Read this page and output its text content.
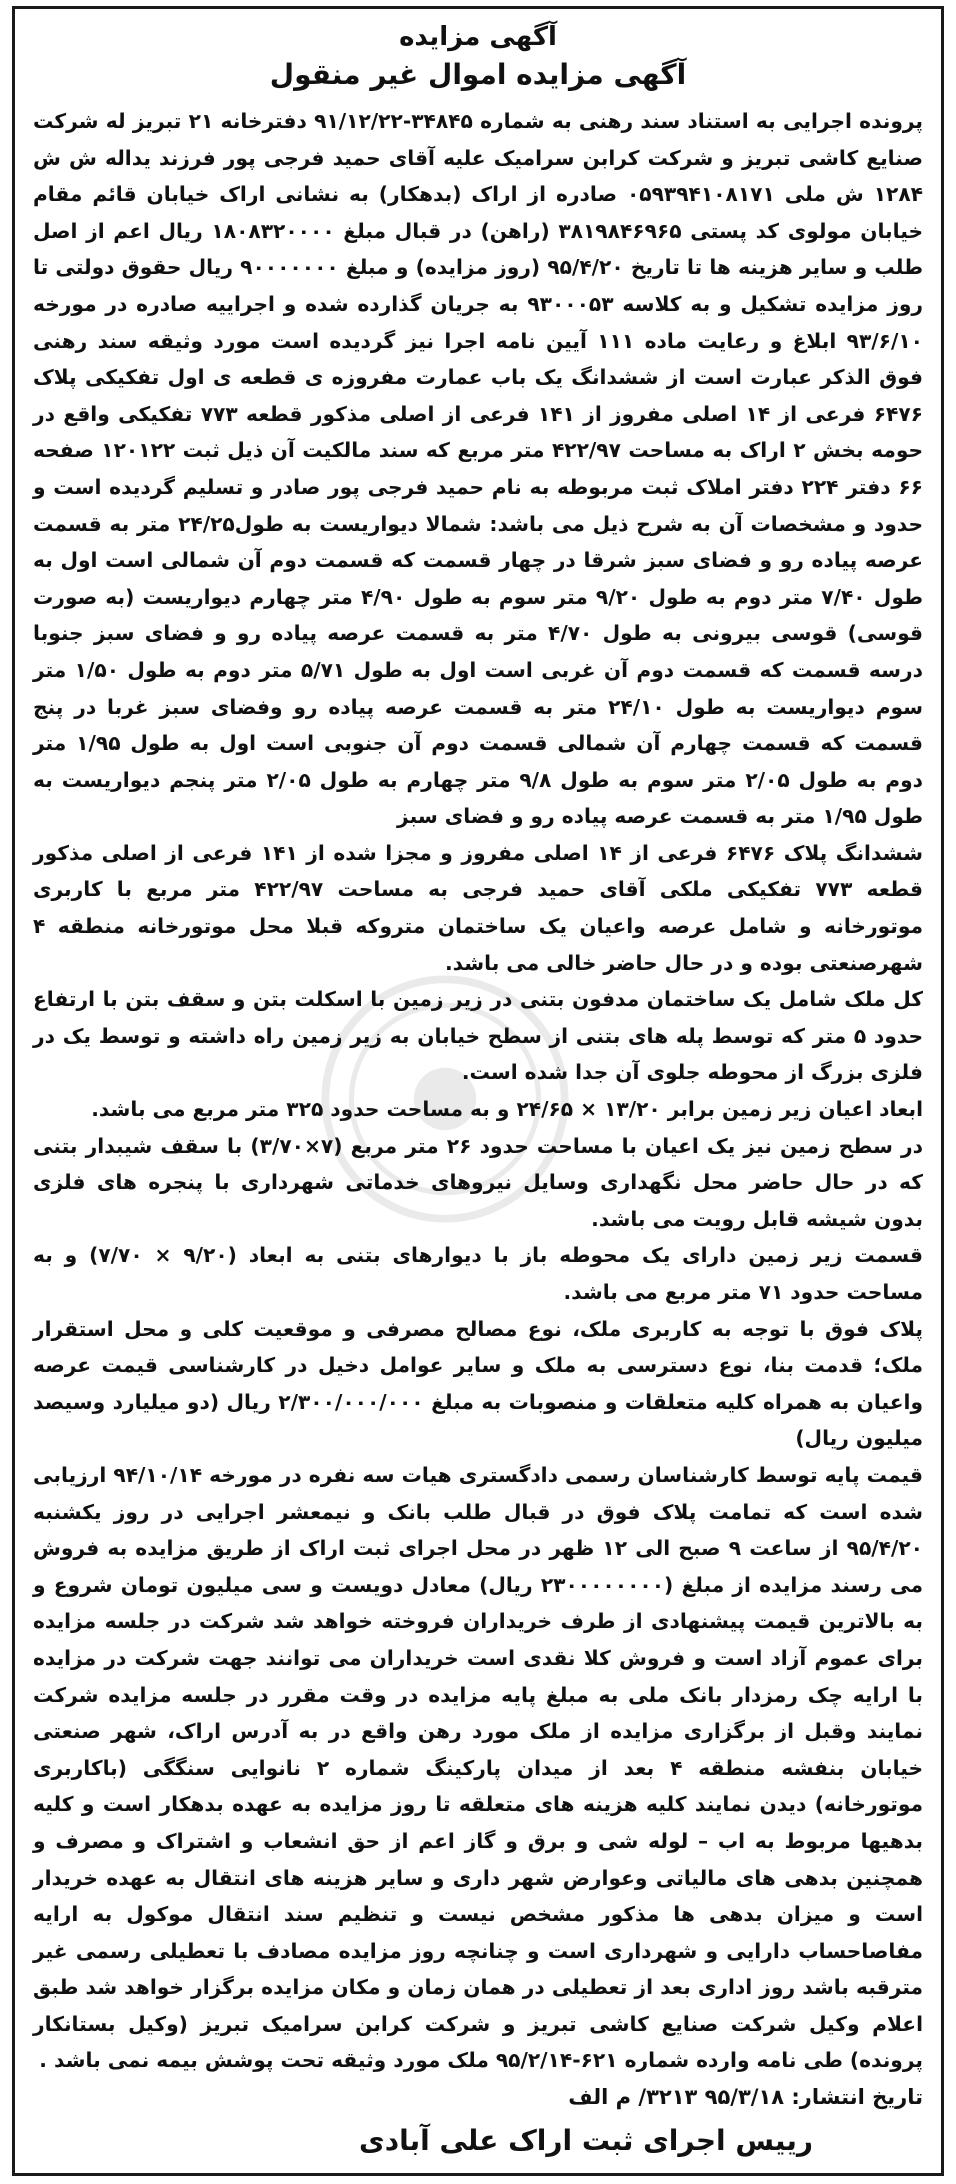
آگهی مزایده
آگهی مزایده اموال غیر منقول

پرونده اجرایی به استناد سند رهنی به شماره ۳۴۸۴۵-۹۱/۱۲/۲۲ دفترخانه ۲۱ تبریز له شرکت صنایع کاشی تبریز و شرکت کرابن سرامیک علیه آقای حمید فرجی پور فرزند یداله ش ش ۱۲۸۴ ش ملی ۰۵۹۳۹۴۱۰۸۱۷۱ صادره از اراک (بدهکار) به نشانی اراک خیابان قائم مقام خیابان مولوی کد پستی ۳۸۱۹۸۴۶۹۶۵ (راهن) در قبال مبلغ ۱۸۰۸۳۲۰۰۰۰ ریال اعم از اصل طلب و سایر هزینه ها تا تاریخ ۹۵/۴/۲۰ (روز مزایده) و مبلغ ۹۰۰۰۰۰۰۰ ریال حقوق دولتی تا روز مزایده تشکیل و به کلاسه ۹۳۰۰۰۵۳ به جریان گذارده شده و اجراییه صادره در مورخه ۹۳/۶/۱۰ ابلاغ و رعایت ماده ۱۱۱ آیین نامه اجرا نیز گردیده است مورد وثیقه سند رهنی فوق الذکر عبارت است از ششدانگ یک باب عمارت مفروزه ی قطعه ی اول تفکیکی پلاک ۶۴۷۶ فرعی از ۱۴ اصلی مفروز از ۱۴۱ فرعی از اصلی مذکور قطعه ۷۷۳ تفکیکی واقع در حومه بخش ۲ اراک به مساحت ۴۲۲/۹۷ متر مربع که سند مالکیت آن ذیل ثبت ۱۲۰۱۲۲ صفحه ۶۶ دفتر ۲۲۴ دفتر املاک ثبت مربوطه به نام حمید فرجی پور صادر و تسلیم گردیده است و حدود و مشخصات آن به شرح ذیل می باشد: شمالا دیواریست به طول۲۴/۲۵ متر به قسمت عرصه پیاده رو و فضای سبز شرقا در چهار قسمت که قسمت دوم آن شمالی است اول به طول ۷/۴۰ متر دوم به طول ۹/۲۰ متر سوم به طول ۴/۹۰ متر چهارم دیواریست (به صورت قوسی) قوسی بیرونی به طول ۴/۷۰ متر به قسمت عرصه پیاده رو و فضای سبز جنوبا درسه قسمت که قسمت دوم آن غربی است اول به طول ۵/۷۱ متر دوم به طول ۱/۵۰ متر سوم دیواریست به طول ۲۴/۱۰ متر به قسمت عرصه پیاده رو وفضای سبز غربا در پنج قسمت که قسمت چهارم آن شمالی قسمت دوم آن جنوبی است اول به طول ۱/۹۵ متر دوم به طول ۲/۰۵ متر سوم به طول ۹/۸ متر چهارم به طول ۲/۰۵ متر پنجم دیواریست به طول ۱/۹۵ متر به قسمت عرصه پیاده رو و فضای سبز

ششدانگ پلاک ۶۴۷۶ فرعی از ۱۴ اصلی مفروز و مجزا شده از ۱۴۱ فرعی از اصلی مذکور قطعه ۷۷۳ تفکیکی ملکی آقای حمید فرجی به مساحت ۴۲۲/۹۷ متر مربع با کاربری موتورخانه و شامل عرصه واعیان یک ساختمان متروکه قبلا محل موتورخانه منطقه ۴ شهرصنعتی بوده و در حال حاضر خالی می باشد.

کل ملک شامل یک ساختمان مدفون بتنی در زیر زمین با اسکلت بتن و سقف بتن با ارتفاع حدود ۵ متر که توسط پله های بتنی از سطح خیابان به زیر زمین راه داشته و توسط یک در فلزی بزرگ از محوطه جلوی آن جدا شده است.

ابعاد اعیان زیر زمین برابر ۱۳/۲۰ × ۲۴/۶۵ و به مساحت حدود ۳۲۵ متر مربع می باشد.

در سطح زمین نیز یک اعیان با مساحت حدود ۲۶ متر مربع (۷×۳/۷۰) با سقف شیبدار بتنی که در حال حاضر محل نگهداری وسایل نیروهای خدماتی شهرداری با پنجره های فلزی بدون شیشه قابل رویت می باشد.

قسمت زیر زمین دارای یک محوطه باز با دیوارهای بتنی به ابعاد (۹/۲۰ × ۷/۷۰) و به مساحت حدود ۷۱ متر مربع می باشد.

پلاک فوق با توجه به کاربری ملک، نوع مصالح مصرفی و موقعیت کلی و محل استقرار ملک؛ قدمت بنا، نوع دسترسی به ملک و سایر عوامل دخیل در کارشناسی قیمت عرصه واعیان به همراه کلیه متعلقات و منصوبات به مبلغ ۲/۳۰۰/۰۰۰/۰۰۰ ریال (دو میلیارد وسیصد میلیون ریال)

قیمت پایه توسط کارشناسان رسمی دادگستری هیات سه نفره در مورخه ۹۴/۱۰/۱۴ ارزیابی شده است که تمامت پلاک فوق در قبال طلب بانک و نیمعشر اجرایی در روز یکشنبه ۹۵/۴/۲۰ از ساعت ۹ صبح الی ۱۲ ظهر در محل اجرای ثبت اراک از طریق مزایده به فروش می رسند مزایده از مبلغ (۲۳۰۰۰۰۰۰۰۰ ریال) معادل دویست و سی میلیون تومان شروع و به بالاترین قیمت پیشنهادی از طرف خریداران فروخته خواهد شد شرکت در جلسه مزایده برای عموم آزاد است و فروش کلا نقدی است خریداران می توانند جهت شرکت در مزایده با ارایه چک رمزدار بانک ملی به مبلغ پایه مزایده در وقت مقرر در جلسه مزایده شرکت نمایند وقبل از برگزاری مزایده از ملک مورد رهن واقع در به آدرس اراک، شهر صنعتی خیابان بنفشه منطقه ۴ بعد از میدان پارکینگ شماره ۲ نانوایی سنگگی (باکاربری موتورخانه) دیدن نمایند کلیه هزینه های متعلقه تا روز مزایده به عهده بدهکار است و کلیه بدهیها مربوط به اب – لوله شی و برق و گاز اعم از حق انشعاب و اشتراک و مصرف و همچنین بدهی های مالیاتی وعوارض شهر داری و سایر هزینه های انتقال به عهده خریدار است و میزان بدهی ها مذکور مشخص نیست و تنظیم سند انتقال موکول به ارایه مفاصاحساب دارایی و شهرداری است و چنانچه روز مزایده مصادف با تعطیلی رسمی غیر مترقبه باشد روز اداری بعد از تعطیلی در همان زمان و مکان مزایده برگزار خواهد شد طبق اعلام وکیل شرکت صنایع کاشی تبریز و شرکت کرابن سرامیک تبریز (وکیل بستانکار پرونده) طی نامه وارده شماره ۶۲۱-۹۵/۲/۱۴ ملک مورد وثیقه تحت پوشش بیمه نمی باشد .

تاریخ انتشار: ۹۵/۳/۱۸ ۳۲۱۳/ م الف

رییس اجرای ثبت اراک علی آبادی
